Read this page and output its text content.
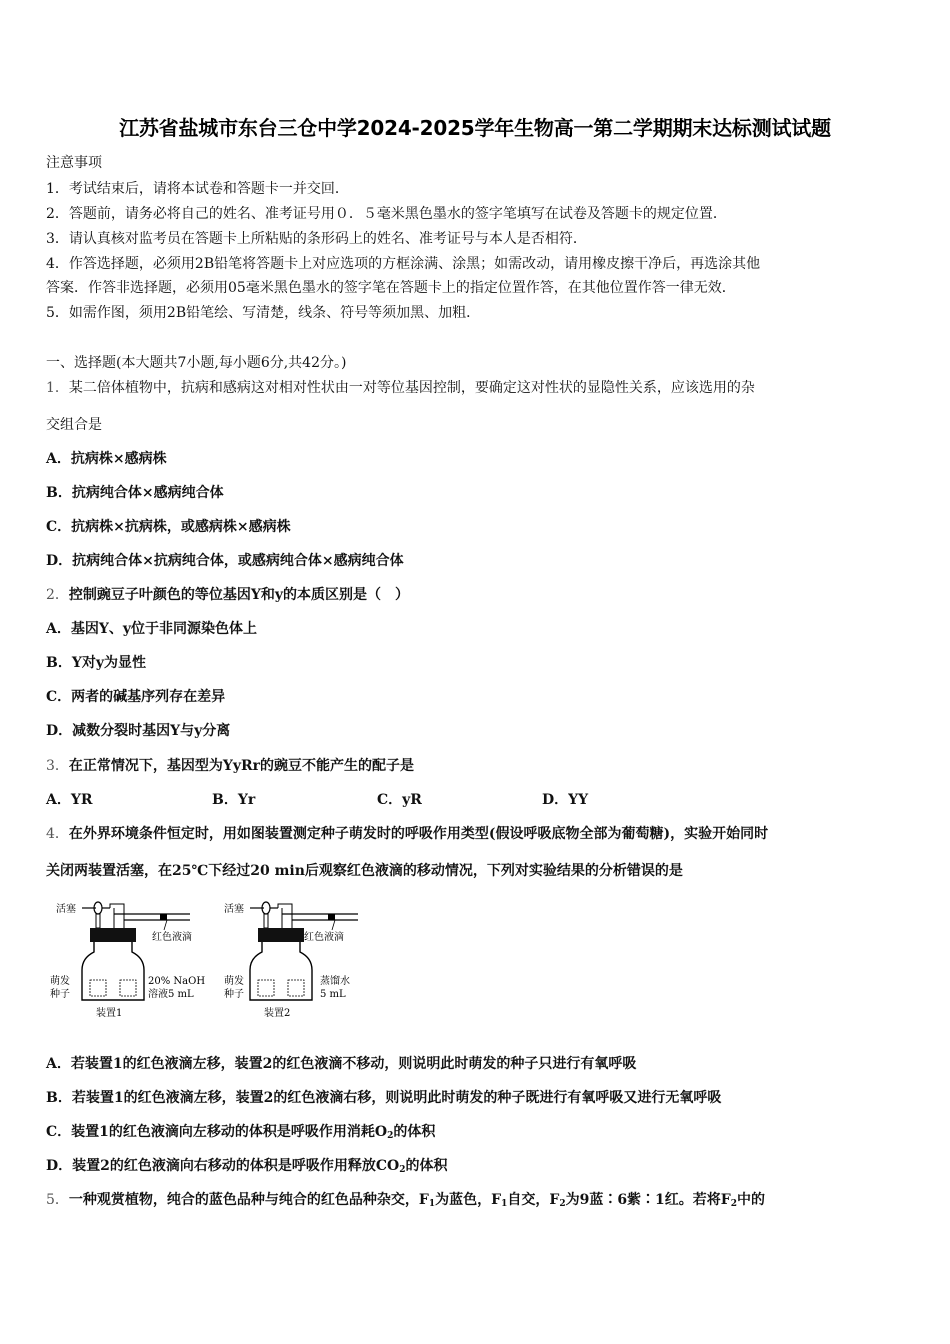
江苏省盐城市东台三仓中学2024-2025学年生物高一第二学期期末达标测试试题
注意事项
1．考试结束后，请将本试卷和答题卡一并交回．
2．答题前，请务必将自己的姓名、准考证号用０．５毫米黑色墨水的签字笔填写在试卷及答题卡的规定位置．
3．请认真核对监考员在答题卡上所粘贴的条形码上的姓名、准考证号与本人是否相符．
4．作答选择题，必须用2B铅笔将答题卡上对应选项的方框涂满、涂黑；如需改动，请用橡皮擦干净后，再选涂其他
答案．作答非选择题，必须用05毫米黑色墨水的签字笔在答题卡上的指定位置作答，在其他位置作答一律无效．
5．如需作图，须用2B铅笔绘、写清楚，线条、符号等须加黑、加粗．
一、选择题(本大题共7小题,每小题6分,共42分。)
1．某二倍体植物中，抗病和感病这对相对性状由一对等位基因控制，要确定这对性状的显隐性关系，应该选用的杂
交组合是
A．抗病株×感病株
B．抗病纯合体×感病纯合体
C．抗病株×抗病株，或感病株×感病株
D．抗病纯合体×抗病纯合体，或感病纯合体×感病纯合体
2．控制豌豆子叶颜色的等位基因Y和y的本质区别是（　）
A．基因Y、y位于非同源染色体上
B．Y对y为显性
C．两者的碱基序列存在差异
D．减数分裂时基因Y与y分离
3．在正常情况下，基因型为YyRr的豌豆不能产生的配子是
A．YR	B．Yr	C．yR	D．YY
4．在外界环境条件恒定时，用如图装置测定种子萌发时的呼吸作用类型(假设呼吸底物全部为葡萄糖)，实验开始同时
关闭两装置活塞，在25℃下经过20 min后观察红色液滴的移动情况，下列对实验结果的分析错误的是
活塞
红色液滴
萌发
种子
20% NaOH
溶液5 mL
装置1
活塞
红色液滴
萌发
种子
蒸馏水
5 mL
装置2
A．若装置1的红色液滴左移，装置2的红色液滴不移动，则说明此时萌发的种子只进行有氧呼吸
B．若装置1的红色液滴左移，装置2的红色液滴右移，则说明此时萌发的种子既进行有氧呼吸又进行无氧呼吸
C．装置1的红色液滴向左移动的体积是呼吸作用消耗$O_2$的体积
D．装置2的红色液滴向右移动的体积是呼吸作用释放$CO_2$的体积
5．一种观赏植物，纯合的蓝色品种与纯合的红色品种杂交，$F_1$为蓝色，$F_1$自交，$F_2$为9蓝∶6紫∶1红。若将$F_2$中的
